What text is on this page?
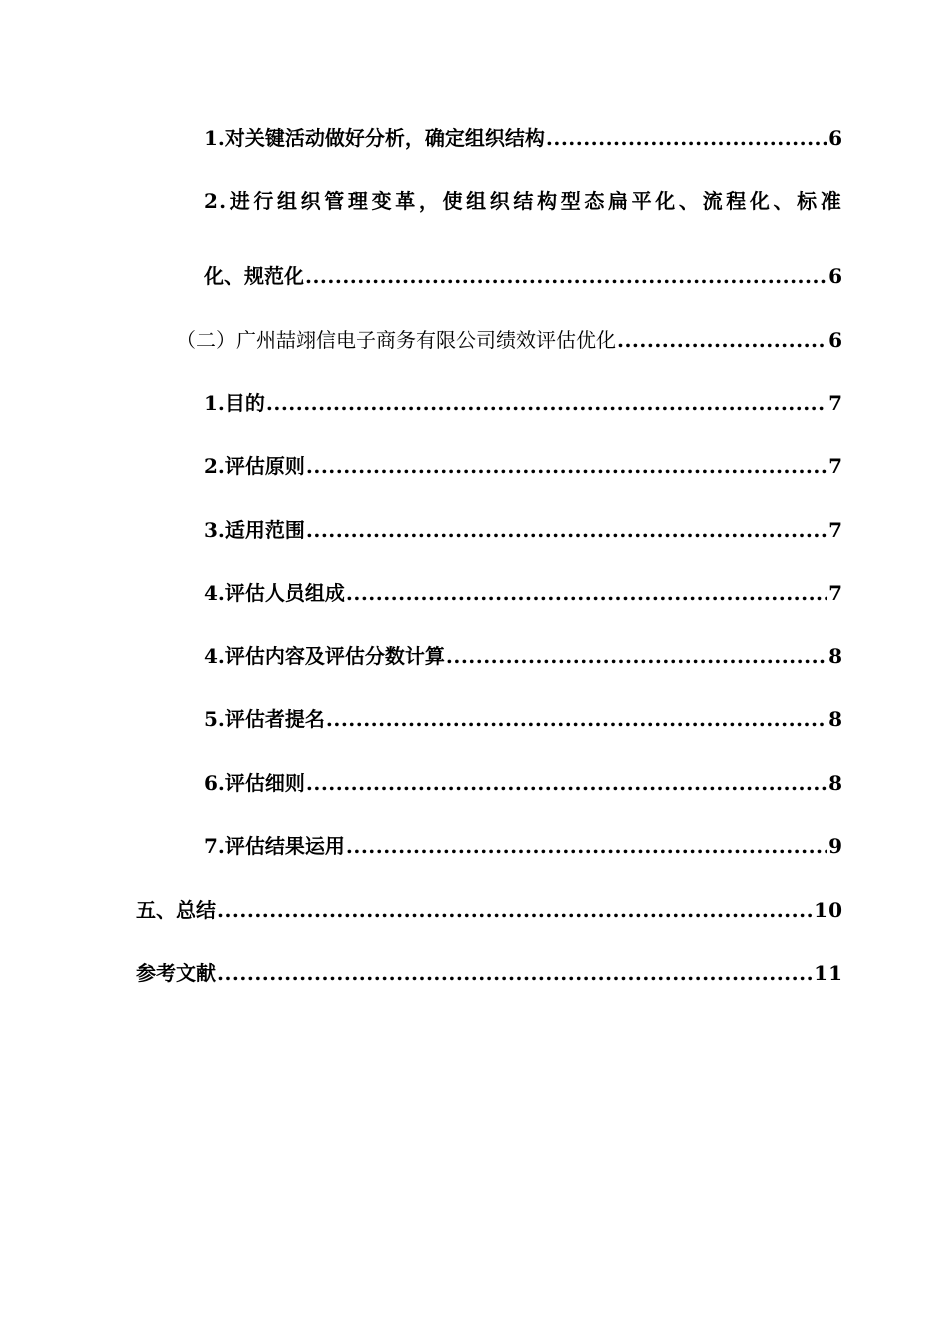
1.对关键活动做好分析，确定组织结构 .....	6
2.进行组织管理变革，使组织结构型态扁平化、流程化、标准
化、规范化 .....	6
（二）广州喆翊信电子商务有限公司绩效评估优化 .....	6
1.目的 .....	7
2.评估原则 .....	7
3.适用范围 .....	7
4.评估人员组成 .....	7
4.评估内容及评估分数计算 .....	8
5.评估者提名 .....	8
6.评估细则 .....	8
7.评估结果运用 .....	9
五、总结 .....	10
参考文献 .....	11
